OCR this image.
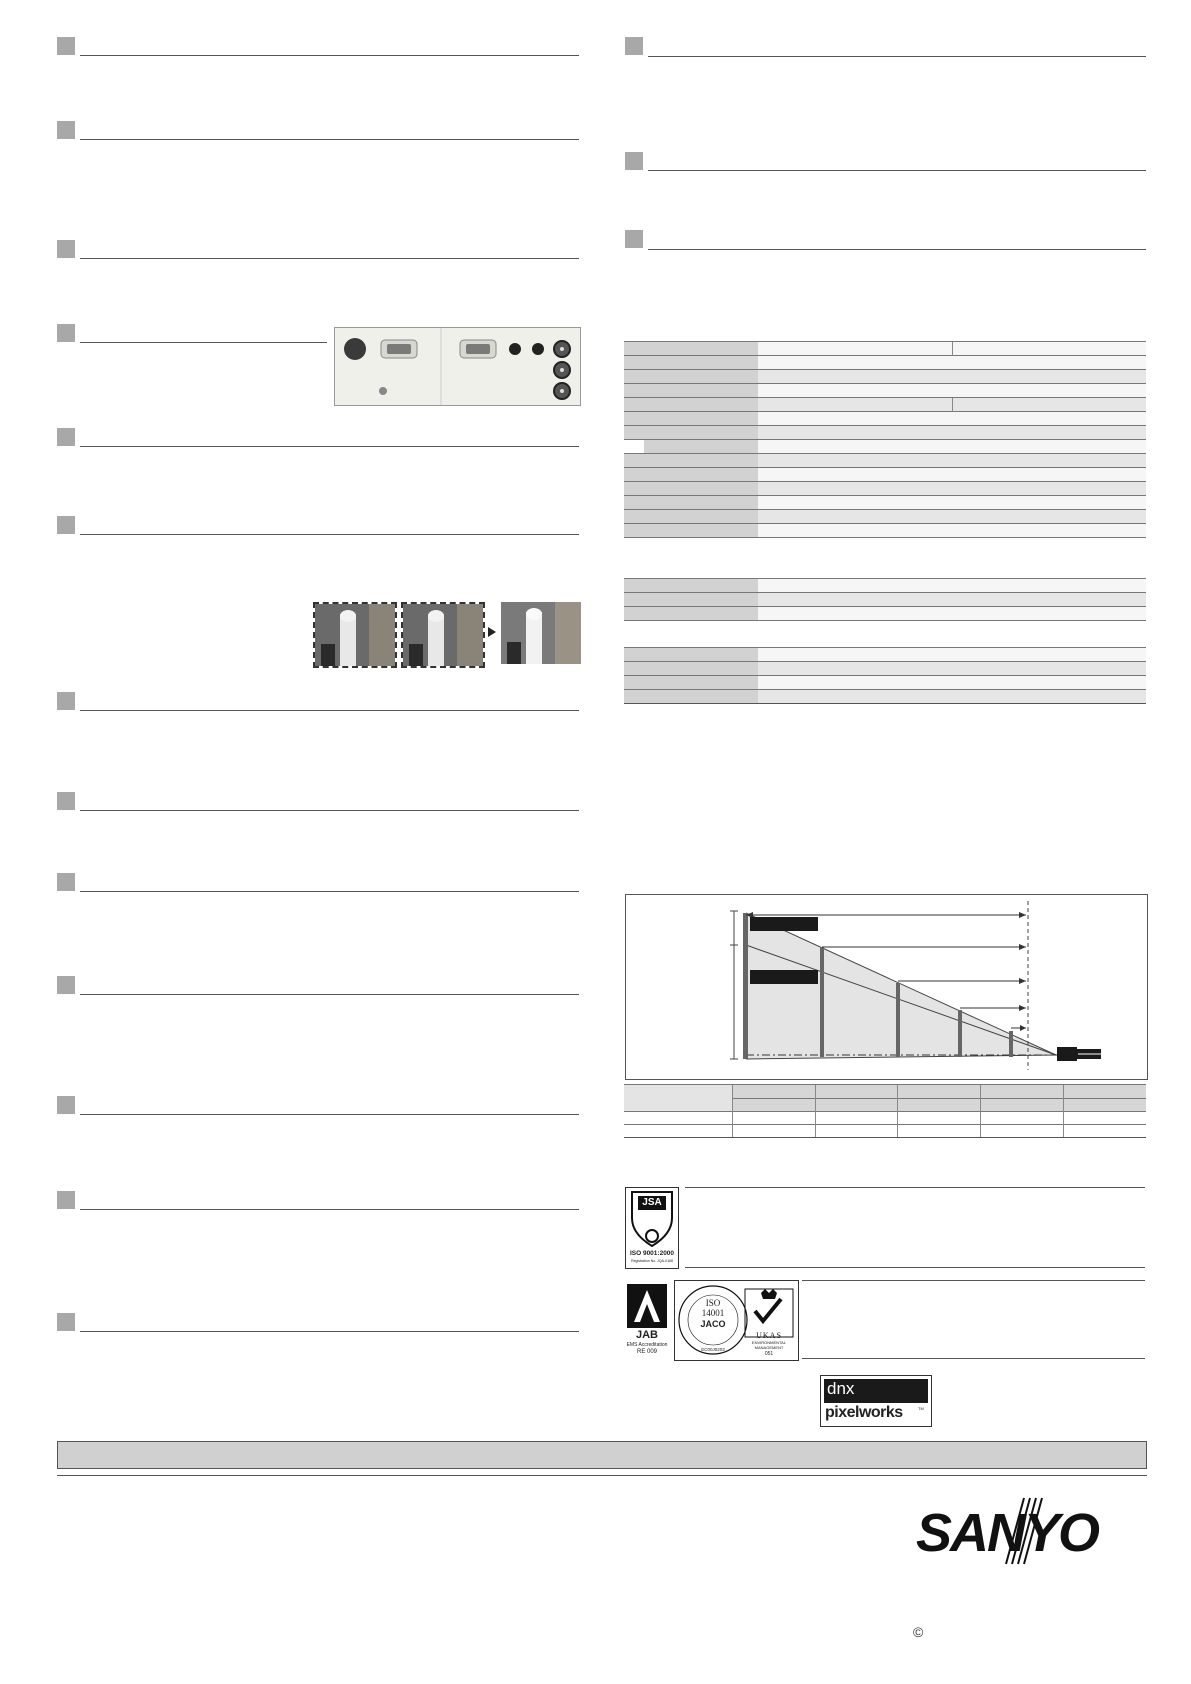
JSA
ISO 9001:2000
Registration No. JQA-0168
JAB
EMS Accreditation
RE 009
ISO
14001
JACO
EC00J0203
UKAS
ENVIRONMENTAL
MANAGEMENT
051
dnx
pixelworks	TM
SANYO
©
